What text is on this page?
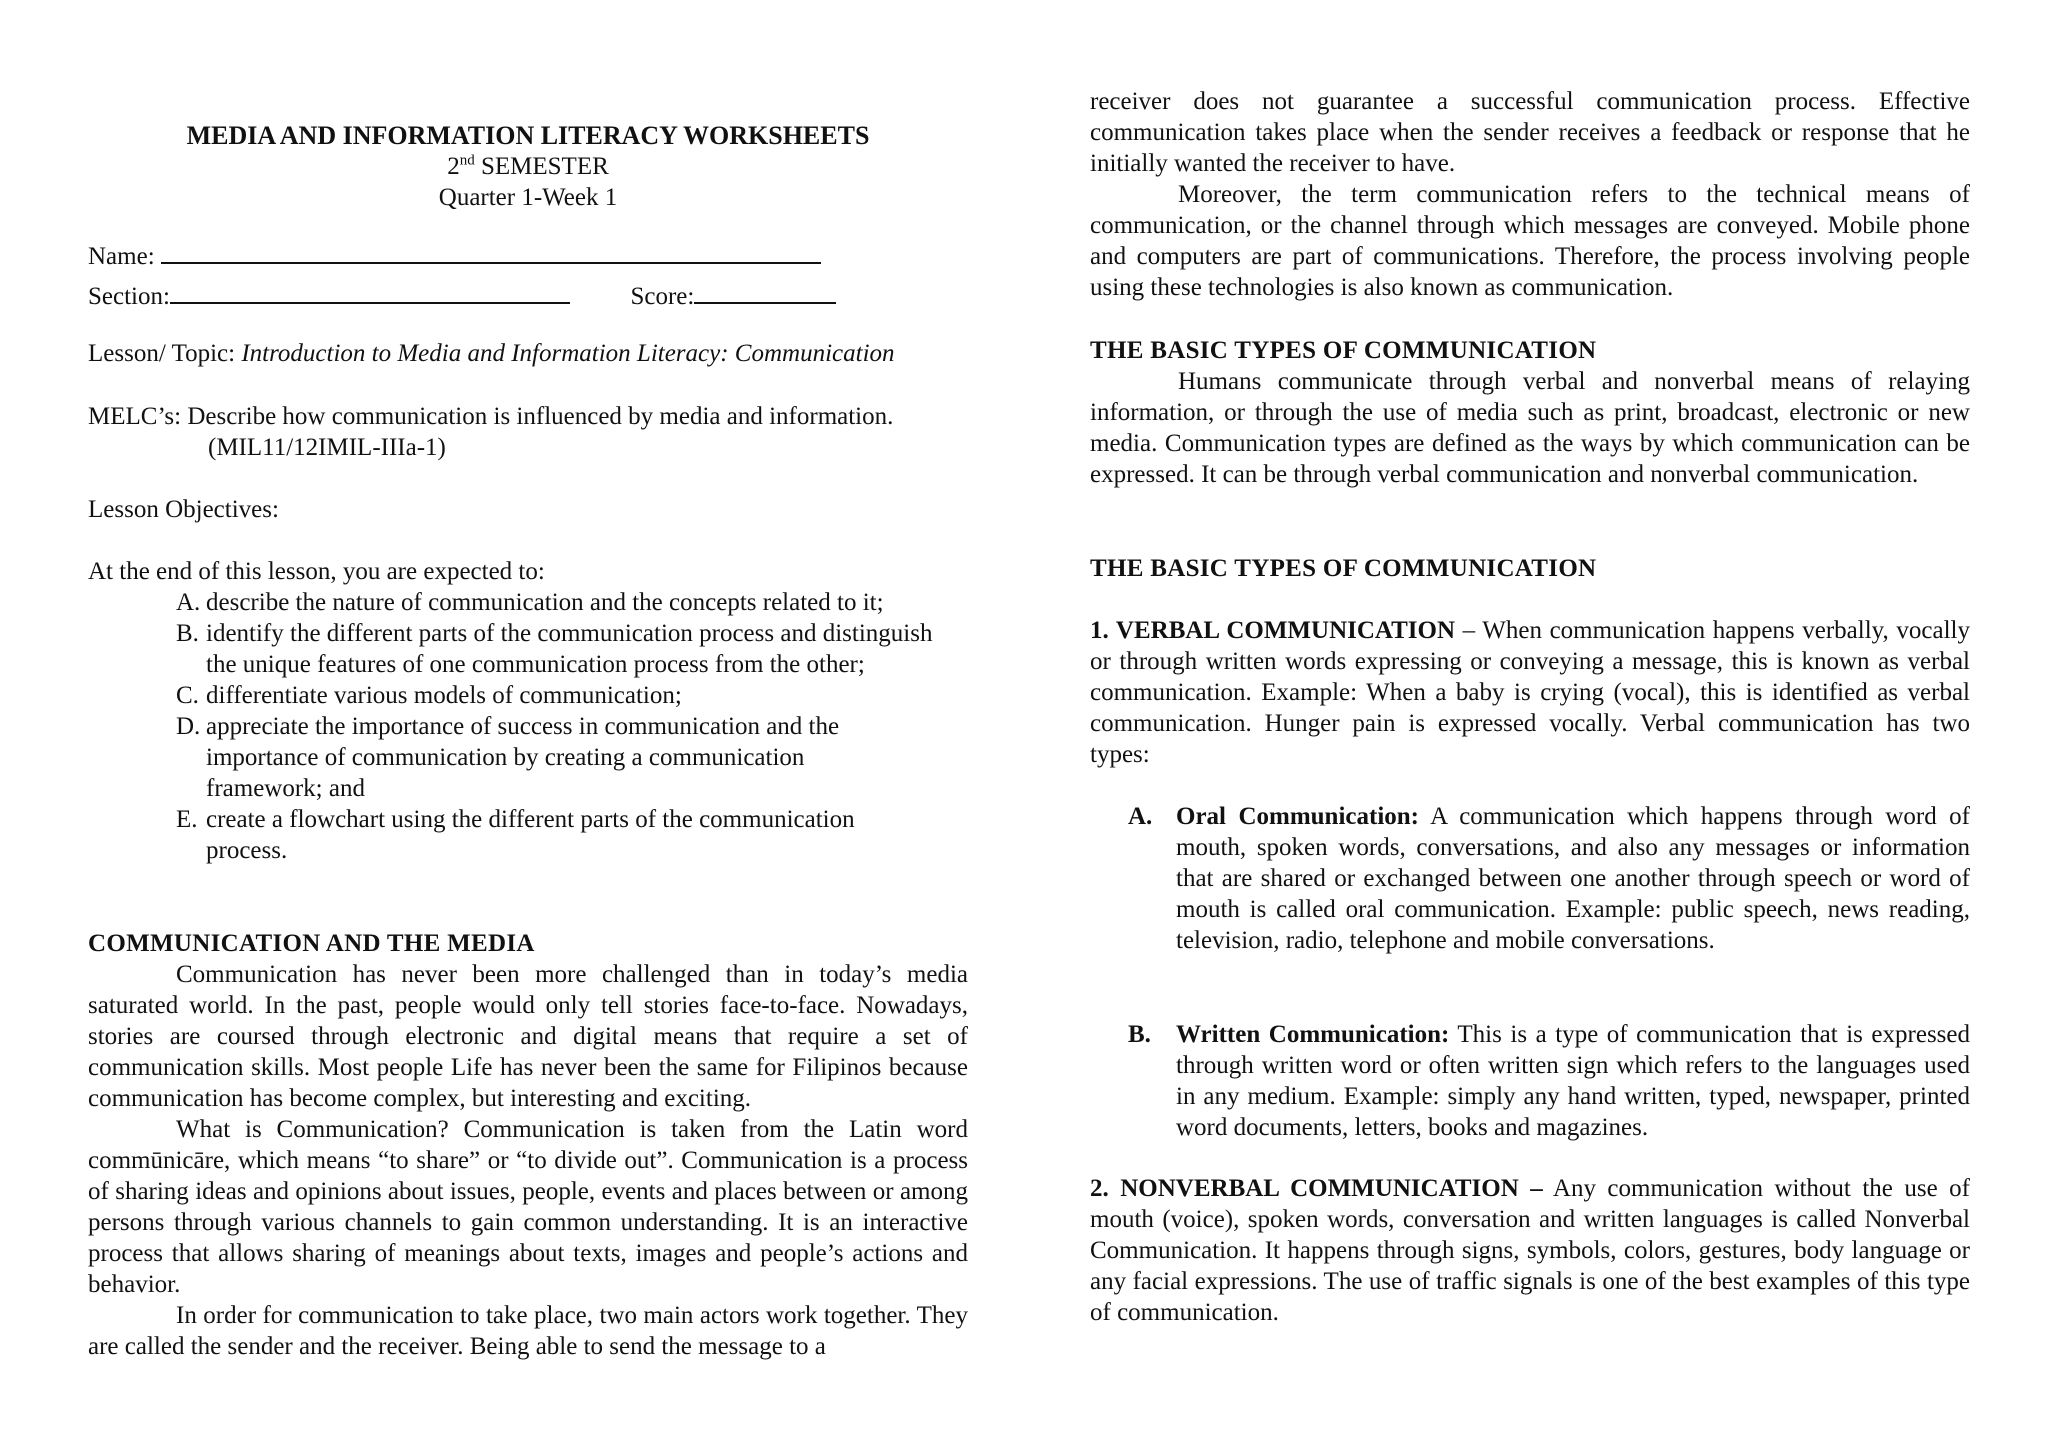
MEDIA AND INFORMATION LITERACY WORKSHEETS

2nd SEMESTER

Quarter 1-Week 1

Name:

Section:	Score:

Lesson/ Topic: Introduction to Media and Information Literacy: Communication

MELC’s: Describe how communication is influenced by media and information.

(MIL11/12IMIL-IIIa-1)

Lesson Objectives:

At the end of this lesson, you are expected to:

A. describe the nature of communication and the concepts related to it;
B. identify the different parts of the communication process and distinguish the unique features of one communication process from the other;
C. differentiate various models of communication;
D. appreciate the importance of success in communication and the importance of communication by creating a communication framework; and
E. create a flowchart using the different parts of the communication process.

COMMUNICATION AND THE MEDIA

Communication has never been more challenged than in today’s media saturated world. In the past, people would only tell stories face-to-face. Nowadays, stories are coursed through electronic and digital means that require a set of communication skills. Most people Life has never been the same for Filipinos because communication has become complex, but interesting and exciting.

What is Communication? Communication is taken from the Latin word commūnicāre, which means “to share” or “to divide out”. Communication is a process of sharing ideas and opinions about issues, people, events and places between or among persons through various channels to gain common understanding. It is an interactive process that allows sharing of meanings about texts, images and people’s actions and behavior.

In order for communication to take place, two main actors work together. They are called the sender and the receiver. Being able to send the message to a

receiver does not guarantee a successful communication process. Effective communication takes place when the sender receives a feedback or response that he initially wanted the receiver to have.

Moreover, the term communication refers to the technical means of communication, or the channel through which messages are conveyed. Mobile phone and computers are part of communications. Therefore, the process involving people using these technologies is also known as communication.

THE BASIC TYPES OF COMMUNICATION

Humans communicate through verbal and nonverbal means of relaying information, or through the use of media such as print, broadcast, electronic or new media. Communication types are defined as the ways by which communication can be expressed. It can be through verbal communication and nonverbal communication.

THE BASIC TYPES OF COMMUNICATION

1. VERBAL COMMUNICATION – When communication happens verbally, vocally or through written words expressing or conveying a message, this is known as verbal communication. Example: When a baby is crying (vocal), this is identified as verbal communication. Hunger pain is expressed vocally. Verbal communication has two types:

A. Oral Communication: A communication which happens through word of mouth, spoken words, conversations, and also any messages or information that are shared or exchanged between one another through speech or word of mouth is called oral communication. Example: public speech, news reading, television, radio, telephone and mobile conversations.
B.	Written Communication: This is a type of communication that is expressed through written word or often written sign which refers to the languages used in any medium. Example: simply any hand written, typed, newspaper, printed word documents, letters, books and magazines.

2. NONVERBAL COMMUNICATION – Any communication without the use of mouth (voice), spoken words, conversation and written languages is called Nonverbal Communication. It happens through signs, symbols, colors, gestures, body language or any facial expressions. The use of traffic signals is one of the best examples of this type of communication.
